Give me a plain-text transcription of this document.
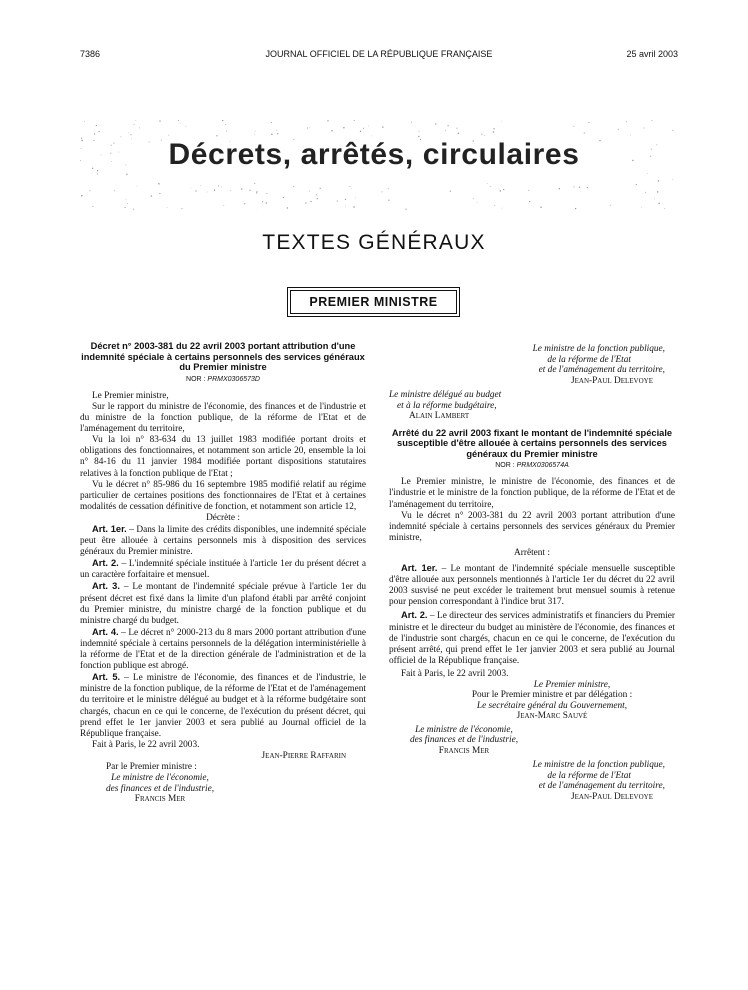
7386	JOURNAL OFFICIEL DE LA RÉPUBLIQUE FRANÇAISE	25 avril 2003
Décrets, arrêtés, circulaires
TEXTES GÉNÉRAUX
PREMIER MINISTRE
Décret n° 2003-381 du 22 avril 2003 portant attribution d'une indemnité spéciale à certains personnels des services généraux du Premier ministre
NOR : PRMX0306573D

Le Premier ministre,

Sur le rapport du ministre de l'économie, des finances et de l'industrie et du ministre de la fonction publique, de la réforme de l'Etat et de l'aménagement du territoire,

Vu la loi n° 83-634 du 13 juillet 1983 modifiée portant droits et obligations des fonctionnaires, et notamment son article 20, ensemble la loi n° 84-16 du 11 janvier 1984 modifiée portant dispositions statutaires relatives à la fonction publique de l'Etat ;

Vu le décret n° 85-986 du 16 septembre 1985 modifié relatif au régime particulier de certaines positions des fonctionnaires de l'Etat et à certaines modalités de cessation définitive de fonction, et notamment son article 12,

Décrète :

Art. 1er. – Dans la limite des crédits disponibles, une indemnité spéciale peut être allouée à certains personnels mis à disposition des services généraux du Premier ministre.

Art. 2. – L'indemnité spéciale instituée à l'article 1er du présent décret a un caractère forfaitaire et mensuel.

Art. 3. – Le montant de l'indemnité spéciale prévue à l'article 1er du présent décret est fixé dans la limite d'un plafond établi par arrêté conjoint du Premier ministre, du ministre chargé de la fonction publique et du ministre chargé du budget.

Art. 4. – Le décret n° 2000-213 du 8 mars 2000 portant attribution d'une indemnité spéciale à certains personnels de la délégation interministérielle à la réforme de l'Etat et de la direction générale de l'administration et de la fonction publique est abrogé.

Art. 5. – Le ministre de l'économie, des finances et de l'industrie, le ministre de la fonction publique, de la réforme de l'Etat et de l'aménagement du territoire et le ministre délégué au budget et à la réforme budgétaire sont chargés, chacun en ce qui le concerne, de l'exécution du présent décret, qui prend effet le 1er janvier 2003 et sera publié au Journal officiel de la République française.

Fait à Paris, le 22 avril 2003.

Jean-Pierre Raffarin
Par le Premier ministre :
Le ministre de l'économie,
des finances et de l'industrie,
Francis Mer
Le ministre de la fonction publique,
de la réforme de l'Etat
et de l'aménagement du territoire,
Jean-Paul Delevoye
Le ministre délégué au budget
et à la réforme budgétaire,
Alain Lambert
Arrêté du 22 avril 2003 fixant le montant de l'indemnité spéciale susceptible d'être allouée à certains personnels des services généraux du Premier ministre
NOR : PRMX0306574A

Le Premier ministre, le ministre de l'économie, des finances et de l'industrie et le ministre de la fonction publique, de la réforme de l'Etat et de l'aménagement du territoire,

Vu le décret n° 2003-381 du 22 avril 2003 portant attribution d'une indemnité spéciale à certains personnels des services généraux du Premier ministre,

Arrêtent :

Art. 1er. – Le montant de l'indemnité spéciale mensuelle susceptible d'être allouée aux personnels mentionnés à l'article 1er du décret du 22 avril 2003 susvisé ne peut excéder le traitement brut mensuel soumis à retenue pour pension correspondant à l'indice brut 317.

Art. 2. – Le directeur des services administratifs et financiers du Premier ministre et le directeur du budget au ministère de l'économie, des finances et de l'industrie sont chargés, chacun en ce qui le concerne, de l'exécution du présent arrêté, qui prend effet le 1er janvier 2003 et sera publié au Journal officiel de la République française.

Fait à Paris, le 22 avril 2003.

Le Premier ministre,
Pour le Premier ministre et par délégation :
Le secrétaire général du Gouvernement,
Jean-Marc Sauvé
Le ministre de l'économie,
des finances et de l'industrie,
Francis Mer
Le ministre de la fonction publique,
de la réforme de l'Etat
et de l'aménagement du territoire,
Jean-Paul Delevoye
